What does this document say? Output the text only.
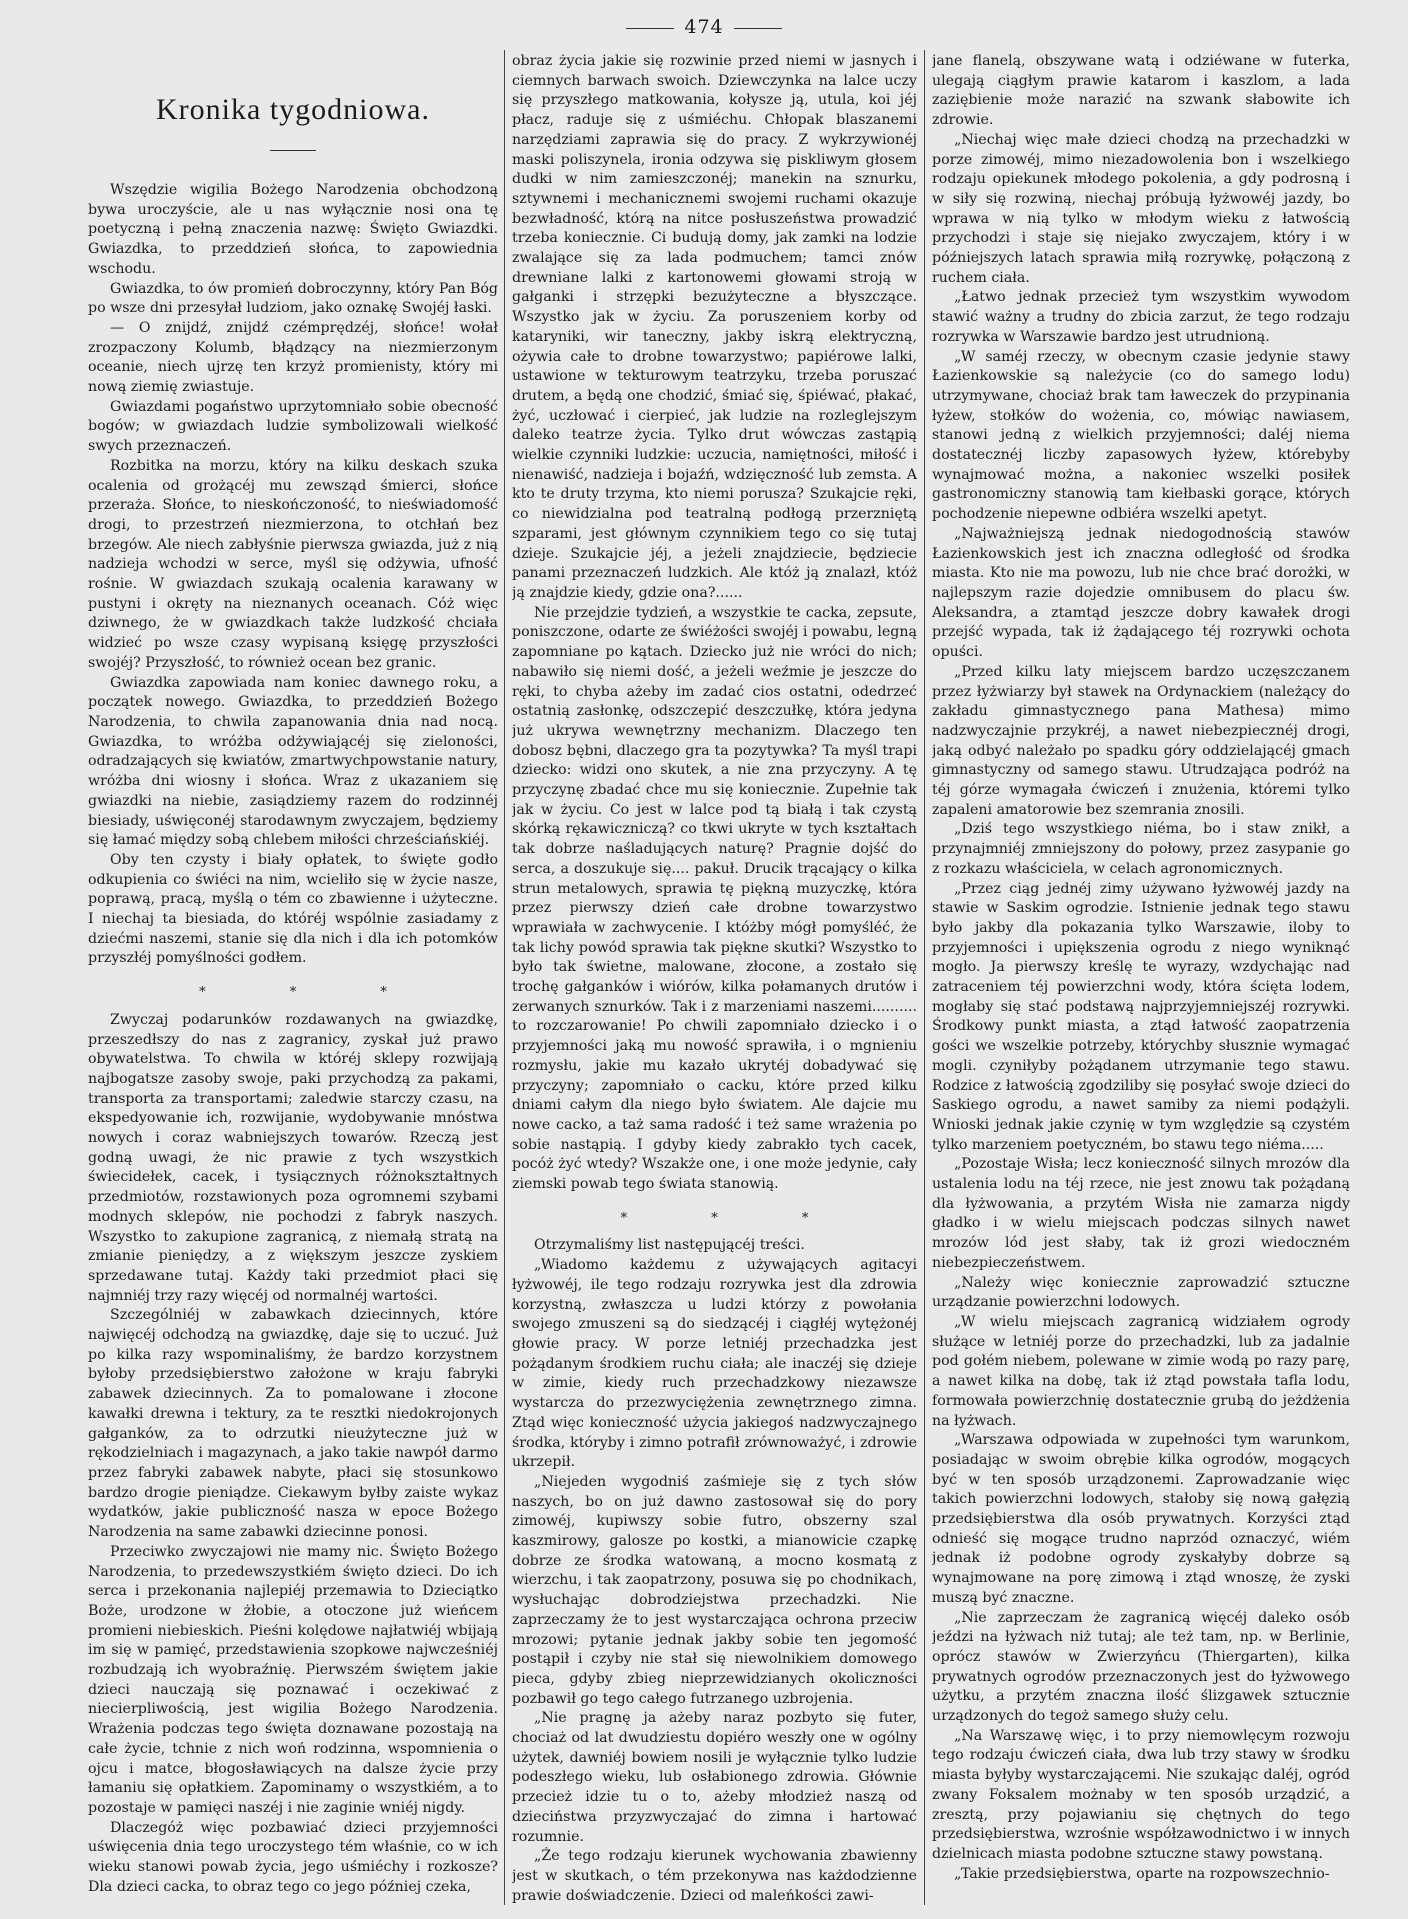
474
Kronika tygodniowa.

Wszędzie wigilia Bożego Narodzenia obchodzoną bywa uroczyście, ale u nas wyłącznie nosi ona tę poetyczną i pełną znaczenia nazwę: Święto Gwiazdki. Gwiazdka, to przeddzień słońca, to zapowiednia wschodu.

Gwiazdka, to ów promień dobroczynny, który Pan Bóg po wsze dni przesyłał ludziom, jako oznakę Swojéj łaski.

— O znijdź, znijdź czémprędzéj, słońce! wołał zrozpaczony Kolumb, błądzący na niezmierzonym oceanie, niech ujrzę ten krzyż promienisty, który mi nową ziemię zwiastuje.

Gwiazdami pogaństwo uprzytomniało sobie obecność bogów; w gwiazdach ludzie symbolizowali wielkość swych przeznaczeń.

Rozbitka na morzu, który na kilku deskach szuka ocalenia od grożącéj mu zewsząd śmierci, słońce przeraża. Słońce, to nieskończoność, to nieświadomość drogi, to przestrzeń niezmierzona, to otchłań bez brzegów. Ale niech zabłyśnie pierwsza gwiazda, już z nią nadzieja wchodzi w serce, myśl się odżywia, ufność rośnie. W gwiazdach szukają ocalenia karawany w pustyni i okręty na nieznanych oceanach. Cóż więc dziwnego, że w gwiazdkach także ludzkość chciała widzieć po wsze czasy wypisaną księgę przyszłości swojéj? Przyszłość, to również ocean bez granic.

Gwiazdka zapowiada nam koniec dawnego roku, a początek nowego. Gwiazdka, to przeddzień Bożego Narodzenia, to chwila zapanowania dnia nad nocą. Gwiazdka, to wróżba odżywiającéj się zieloności, odradzających się kwiatów, zmartwychpowstanie natury, wróżba dni wiosny i słońca. Wraz z ukazaniem się gwiazdki na niebie, zasiądziemy razem do rodzinnéj biesiady, uświęconéj starodawnym zwyczajem, będziemy się łamać między sobą chlebem miłości chrześciańskiéj.

Oby ten czysty i biały opłatek, to święte godło odkupienia co świéci na nim, wcieliło się w życie nasze, poprawą, pracą, myślą o tém co zbawienne i użyteczne. I niechaj ta biesiada, do któréj wspólnie zasiadamy z dziećmi naszemi, stanie się dla nich i dla ich potomków przyszłéj pomyślności godłem.

* * *

Zwyczaj podarunków rozdawanych na gwiazdkę, przeszedłszy do nas z zagranicy, zyskał już prawo obywatelstwa. To chwila w któréj sklepy rozwijają najbogatsze zasoby swoje, paki przychodzą za pakami, transporta za transportami; zaledwie starczy czasu, na ekspedyowanie ich, rozwijanie, wydobywanie mnóstwa nowych i coraz wabniejszych towarów. Rzeczą jest godną uwagi, że nic prawie z tych wszystkich świecidełek, cacek, i tysiącznych różnokształtnych przedmiotów, rozstawionych poza ogromnemi szybami modnych sklepów, nie pochodzi z fabryk naszych. Wszystko to zakupione zagranicą, z niemałą stratą na zmianie pieniędzy, a z większym jeszcze zyskiem sprzedawane tutaj. Każdy taki przedmiot płaci się najmniéj trzy razy więcéj od normalnéj wartości.

Szczególniéj w zabawkach dziecinnych, które najwięcéj odchodzą na gwiazdkę, daje się to uczuć. Już po kilka razy wspominaliśmy, że bardzo korzystnem byłoby przedsiębierstwo założone w kraju fabryki zabawek dziecinnych. Za to pomalowane i złocone kawałki drewna i tektury, za te resztki niedokrojonych gałganków, za to odrzutki nieużyteczne już w rękodzielniach i magazynach, a jako takie nawpół darmo przez fabryki zabawek nabyte, płaci się stosunkowo bardzo drogie pieniądze. Ciekawym byłby zaiste wykaz wydatków, jakie publiczność nasza w epoce Bożego Narodzenia na same zabawki dziecinne ponosi.

Przeciwko zwyczajowi nie mamy nic. Święto Bożego Narodzenia, to przedewszystkiém święto dzieci. Do ich serca i przekonania najlepiéj przemawia to Dzieciątko Boże, urodzone w żłobie, a otoczone już wieńcem promieni niebieskich. Pieśni kolędowe najłatwiéj wbijają im się w pamięć, przedstawienia szopkowe najwcześniéj rozbudzają ich wyobraźnię. Pierwszém świętem jakie dzieci nauczają się poznawać i oczekiwać z niecierpliwością, jest wigilia Bożego Narodzenia. Wrażenia podczas tego święta doznawane pozostają na całe życie, tchnie z nich woń rodzinna, wspomnienia o ojcu i matce, błogosławiących na dalsze życie przy łamaniu się opłatkiem. Zapominamy o wszystkiém, a to pozostaje w pamięci naszéj i nie zaginie wniéj nigdy.

Dlaczegóż więc pozbawiać dzieci przyjemności uświęcenia dnia tego uroczystego tém właśnie, co w ich wieku stanowi powab życia, jego uśmiéchy i rozkosze? Dla dzieci cacka, to obraz tego co jego później czeka,

obraz życia jakie się rozwinie przed niemi w jasnych i ciemnych barwach swoich. Dziewczynka na lalce uczy się przyszłego matkowania, kołysze ją, utula, koi jéj płacz, raduje się z uśmiéchu. Chłopak blaszanemi narzędziami zaprawia się do pracy. Z wykrzywionéj maski poliszynela, ironia odzywa się piskliwym głosem dudki w nim zamieszczonéj; manekin na sznurku, sztywnemi i mechanicznemi swojemi ruchami okazuje bezwładność, którą na nitce posłuszeństwa prowadzić trzeba koniecznie. Ci budują domy, jak zamki na lodzie zwalające się za lada podmuchem; tamci znów drewniane lalki z kartonowemi głowami stroją w gałganki i strzępki bezużyteczne a błyszczące. Wszystko jak w życiu. Za poruszeniem korby od kataryniki, wir taneczny, jakby iskrą elektryczną, ożywia całe to drobne towarzystwo; papiérowe lalki, ustawione w tekturowym teatrzyku, trzeba poruszać drutem, a będą one chodzić, śmiać się, śpiéwać, płakać, żyć, uczłować i cierpieć, jak ludzie na rozleglejszym daleko teatrze życia. Tylko drut wówczas zastąpią wielkie czynniki ludzkie: uczucia, namiętności, miłość i nienawiść, nadzieja i bojaźń, wdzięczność lub zemsta. A kto te druty trzyma, kto niemi porusza? Szukajcie ręki, co niewidzialna pod teatralną podłogą przerzniętą szparami, jest głównym czynnikiem tego co się tutaj dzieje. Szukajcie jéj, a jeżeli znajdziecie, będziecie panami przeznaczeń ludzkich. Ale któż ją znalazł, któż ją znajdzie kiedy, gdzie ona?......

Nie przejdzie tydzień, a wszystkie te cacka, zepsute, poniszczone, odarte ze świéżości swojéj i powabu, legną zapomniane po kątach. Dziecko już nie wróci do nich; nabawiło się niemi dość, a jeżeli weźmie je jeszcze do ręki, to chyba ażeby im zadać cios ostatni, odedrzeć ostatnią zasłonkę, odszczepić deszczułkę, która jedyna już ukrywa wewnętrzny mechanizm. Dlaczego ten dobosz bębni, dlaczego gra ta pozytywka? Ta myśl trapi dziecko: widzi ono skutek, a nie zna przyczyny. A tę przyczynę zbadać chce mu się koniecznie. Zupełnie tak jak w życiu. Co jest w lalce pod tą białą i tak czystą skórką rękawiczniczą? co tkwi ukryte w tych kształtach tak dobrze naśladujących naturę? Pragnie dojść do serca, a doszukuje się.... pakuł. Drucik trącający o kilka strun metalowych, sprawia tę piękną muzyczkę, która przez pierwszy dzień całe drobne towarzystwo wprawiała w zachwycenie. I któżby mógł pomyśléć, że tak lichy powód sprawia tak piękne skutki? Wszystko to było tak świetne, malowane, złocone, a zostało się trochę gałganków i wiórów, kilka połamanych drutów i zerwanych sznurków. Tak i z marzeniami naszemi.......... to rozczarowanie! Po chwili zapomniało dziecko i o przyjemności jaką mu nowość sprawiła, i o mgnieniu rozmysłu, jakie mu kazało ukrytéj dobadywać się przyczyny; zapomniało o cacku, które przed kilku dniami całym dla niego było światem. Ale dajcie mu nowe cacko, a taż sama radość i też same wrażenia po sobie nastąpią. I gdyby kiedy zabrakło tych cacek, pocóż żyć wtedy? Wszakże one, i one może jedynie, cały ziemski powab tego świata stanowią.

* * *

Otrzymaliśmy list następującéj treści.

„Wiadomo każdemu z używających agitacyi łyżwowéj, ile tego rodzaju rozrywka jest dla zdrowia korzystną, zwłaszcza u ludzi którzy z powołania swojego zmuszeni są do siedzącéj i ciągłéj wytężonéj głowie pracy. W porze letniéj przechadzka jest pożądanym środkiem ruchu ciała; ale inaczéj się dzieje w zimie, kiedy ruch przechadzkowy niezawsze wystarcza do przezwyciężenia zewnętrznego zimna. Ztąd więc konieczność użycia jakiegoś nadzwyczajnego środka, któryby i zimno potrafił zrównoważyć, i zdrowie ukrzepił.

„Niejeden wygodniś zaśmieje się z tych słów naszych, bo on już dawno zastosował się do pory zimowéj, kupiwszy sobie futro, obszerny szal kaszmirowy, galosze po kostki, a mianowicie czapkę dobrze ze środka watowaną, a mocno kosmatą z wierzchu, i tak zaopatrzony, posuwa się po chodnikach, wysłuchając dobrodziejstwa przechadzki. Nie zaprzeczamy że to jest wystarczająca ochrona przeciw mrozowi; pytanie jednak jakby sobie ten jegomość postąpił i czyby nie stał się niewolnikiem domowego pieca, gdyby zbieg nieprzewidzianych okoliczności pozbawił go tego całego futrzanego uzbrojenia.

„Nie pragnę ja ażeby naraz pozbyto się futer, chociaż od lat dwudziestu dopiéro weszły one w ogólny użytek, dawniéj bowiem nosili je wyłącznie tylko ludzie podeszłego wieku, lub osłabionego zdrowia. Głównie przecież idzie tu o to, ażeby młodzież naszą od dzieciństwa przyzwyczajać do zimna i hartować rozumnie.

„Że tego rodzaju kierunek wychowania zbawienny jest w skutkach, o tém przekonywa nas każdodzienne prawie doświadczenie. Dzieci od maleńkości zawi-

jane flanelą, obszywane watą i odziéwane w futerka, ulegają ciągłym prawie katarom i kaszlom, a lada zaziębienie może narazić na szwank słabowite ich zdrowie.

„Niechaj więc małe dzieci chodzą na przechadzki w porze zimowéj, mimo niezadowolenia bon i wszelkiego rodzaju opiekunek młodego pokolenia, a gdy podrosną i w siły się rozwiną, niechaj próbują łyżwowéj jazdy, bo wprawa w nią tylko w młodym wieku z łatwością przychodzi i staje się niejako zwyczajem, który i w późniejszych latach sprawia miłą rozrywkę, połączoną z ruchem ciała.

„Łatwo jednak przecież tym wszystkim wywodom stawić ważny a trudny do zbicia zarzut, że tego rodzaju rozrywka w Warszawie bardzo jest utrudnioną.

„W saméj rzeczy, w obecnym czasie jedynie stawy Łazienkowskie są należycie (co do samego lodu) utrzymywane, chociaż brak tam ławeczek do przypinania łyżew, stołków do wożenia, co, mówiąc nawiasem, stanowi jedną z wielkich przyjemności; daléj niema dostatecznéj liczby zapasowych łyżew, którebyby wynajmować można, a nakoniec wszelki posiłek gastronomiczny stanowią tam kiełbaski gorące, których pochodzenie niepewne odbiéra wszelki apetyt.

„Najważniejszą jednak niedogodnością stawów Łazienkowskich jest ich znaczna odległość od środka miasta. Kto nie ma powozu, lub nie chce brać dorożki, w najlepszym razie dojedzie omnibusem do placu św. Aleksandra, a ztamtąd jeszcze dobry kawałek drogi przejść wypada, tak iż żądającego téj rozrywki ochota opuści.

„Przed kilku laty miejscem bardzo uczęszczanem przez łyżwiarzy był stawek na Ordynackiem (należący do zakładu gimnastycznego pana Mathesa) mimo nadzwyczajnie przykréj, a nawet niebezpiecznéj drogi, jaką odbyć należało po spadku góry oddzielającéj gmach gimnastyczny od samego stawu. Utrudzająca podróż na téj górze wymagała ćwiczeń i znużenia, któremi tylko zapaleni amatorowie bez szemrania znosili.

„Dziś tego wszystkiego niéma, bo i staw znikł, a przynajmniéj zmniejszony do połowy, przez zasypanie go z rozkazu właściciela, w celach agronomicznych.

„Przez ciąg jednéj zimy używano łyżwowéj jazdy na stawie w Saskim ogrodzie. Istnienie jednak tego stawu było jakby dla pokazania tylko Warszawie, iloby to przyjemności i upiększenia ogrodu z niego wyniknąć mogło. Ja pierwszy kreślę te wyrazy, wzdychając nad zatraceniem téj powierzchni wody, która ścięta lodem, mogłaby się stać podstawą najprzyjemniejszéj rozrywki. Środkowy punkt miasta, a ztąd łatwość zaopatrzenia gości we wszelkie potrzeby, którychby słusznie wymagać mogli. czyniłyby pożądanem utrzymanie tego stawu. Rodzice z łatwością zgodziliby się posyłać swoje dzieci do Saskiego ogrodu, a nawet samiby za niemi podążyli. Wnioski jednak jakie czynię w tym względzie są czystém tylko marzeniem poetyczném, bo stawu tego niéma.....

„Pozostaje Wisła; lecz konieczność silnych mrozów dla ustalenia lodu na téj rzece, nie jest znowu tak pożądaną dla łyżwowania, a przytém Wisła nie zamarza nigdy gładko i w wielu miejscach podczas silnych nawet mrozów lód jest słaby, tak iż grozi wiedoczném niebezpieczeństwem.

„Należy więc koniecznie zaprowadzić sztuczne urządzanie powierzchni lodowych.

„W wielu miejscach zagranicą widziałem ogrody służące w letniéj porze do przechadzki, lub za jadalnie pod gołém niebem, polewane w zimie wodą po razy parę, a nawet kilka na dobę, tak iż ztąd powstała tafla lodu, formowała powierzchnię dostatecznie grubą do jeżdżenia na łyżwach.

„Warszawa odpowiada w zupełności tym warunkom, posiadając w swoim obrębie kilka ogrodów, mogących być w ten sposób urządzonemi. Zaprowadzanie więc takich powierzchni lodowych, stałoby się nową gałęzią przedsiębierstwa dla osób prywatnych. Korzyści ztąd odnieść się mogące trudno naprzód oznaczyć, wiém jednak iż podobne ogrody zyskałyby dobrze są wynajmowane na porę zimową i ztąd wnoszę, że zyski muszą być znaczne.

„Nie zaprzeczam że zagranicą więcéj daleko osób jeździ na łyżwach niż tutaj; ale też tam, np. w Berlinie, oprócz stawów w Zwierzyńcu (Thiergarten), kilka prywatnych ogrodów przeznaczonych jest do łyżwowego użytku, a przytém znaczna ilość ślizgawek sztucznie urządzonych do tegoż samego służy celu.

„Na Warszawę więc, i to przy niemowlęcym rozwoju tego rodzaju ćwiczeń ciała, dwa lub trzy stawy w środku miasta byłyby wystarczającemi. Nie szukając daléj, ogród zwany Foksalem możnaby w ten sposób urządzić, a zresztą, przy pojawianiu się chętnych do tego przedsiębierstwa, wzrośnie współzawodnictwo i w innych dzielnicach miasta podobne sztuczne stawy powstaną.

„Takie przedsiębierstwa, oparte na rozpowszechnio-
